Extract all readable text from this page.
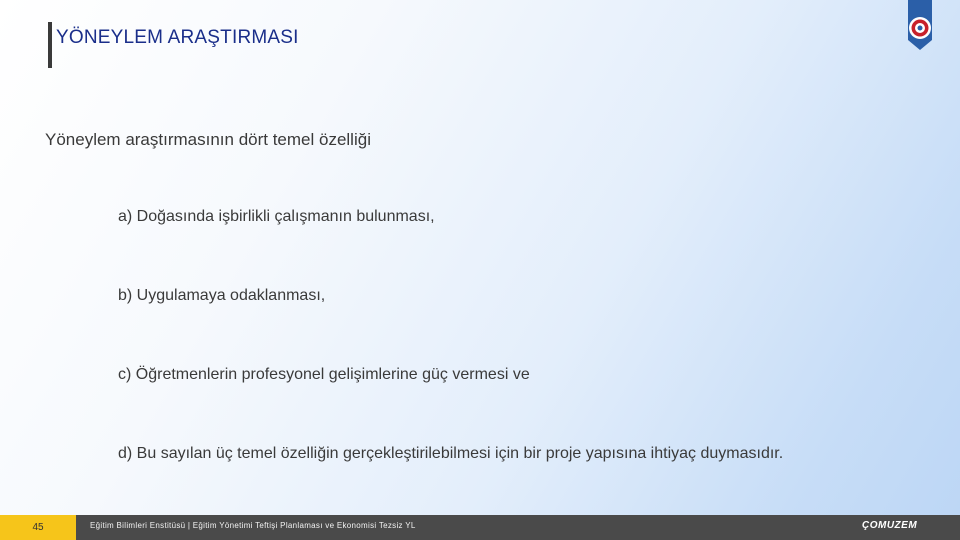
YÖNEYLEM ARAŞTIRMASI
Yöneylem araştırmasının dört temel özelliği
a) Doğasında işbirlikli çalışmanın bulunması,
b) Uygulamaya odaklanması,
c) Öğretmenlerin profesyonel gelişimlerine güç vermesi ve
d) Bu sayılan üç temel özelliğin gerçekleştirilebilmesi için bir proje yapısına ihtiyaç duymasıdır.
Eğitim Bilimleri Enstitüsü | Eğitim Yönetimi Teftişi Planlaması ve Ekonomisi Tezsiz YL	ÇOMUZEM
45
